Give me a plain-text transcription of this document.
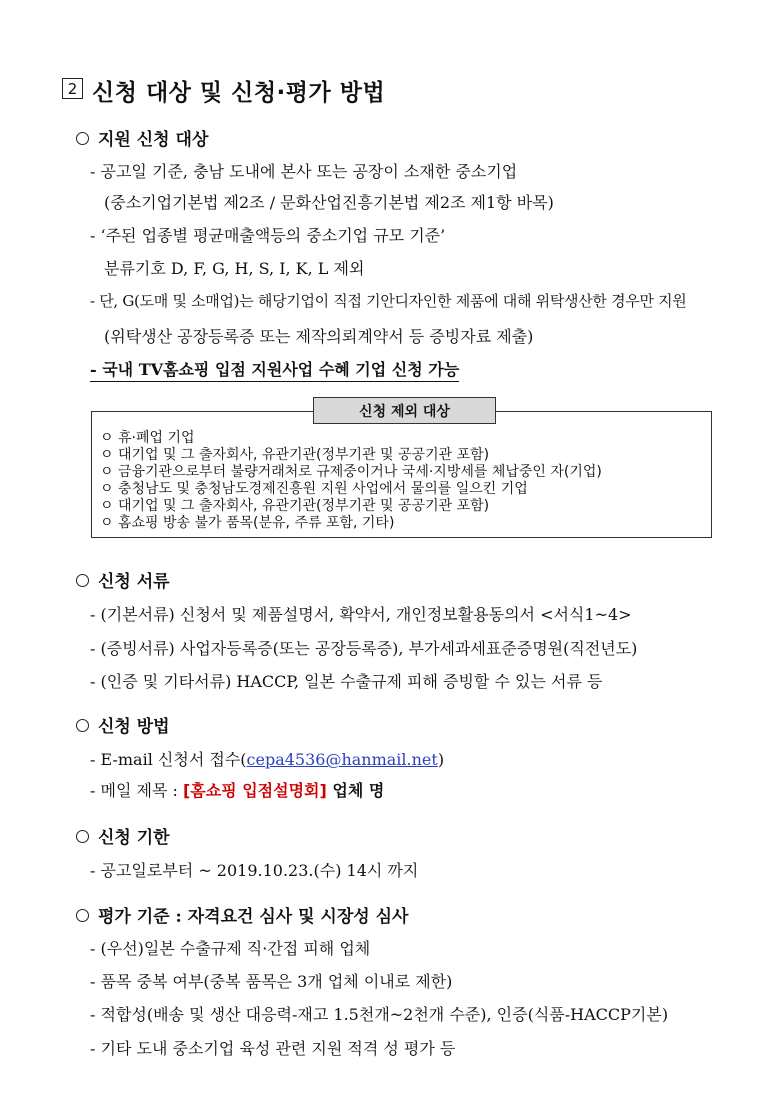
2 신청 대상 및 신청·평가 방법
지원 신청 대상
- 공고일 기준, 충남 도내에 본사 또는 공장이 소재한 중소기업
(중소기업기본법 제2조 / 문화산업진흥기본법 제2조 제1항 바목)
- ‘주된 업종별 평균매출액등의 중소기업 규모 기준’
분류기호 D, F, G, H, S, I, K, L 제외
- 단, G(도매 및 소매업)는 해당기업이 직접 기안디자인한 제품에 대해 위탁생산한 경우만 지원
(위탁생산 공장등록증 또는 제작의뢰계약서 등 증빙자료 제출)
- 국내 TV홈쇼핑 입점 지원사업 수혜 기업 신청 가능
신청 제외 대상
ㅇ 휴·폐업 기업
ㅇ 대기업 및 그 출자회사, 유관기관(정부기관 및 공공기관 포함)
ㅇ 금융기관으로부터 불량거래처로 규제중이거나 국세·지방세를 체납중인 자(기업)
ㅇ 충청남도 및 충청남도경제진흥원 지원 사업에서 물의를 일으킨 기업
ㅇ 대기업 및 그 출자회사, 유관기관(정부기관 및 공공기관 포함)
ㅇ 홈쇼핑 방송 불가 품목(분유, 주류 포함, 기타)
신청 서류
- (기본서류) 신청서 및 제품설명서, 확약서, 개인정보활용동의서 <서식1~4>
- (증빙서류) 사업자등록증(또는 공장등록증), 부가세과세표준증명원(직전년도)
- (인증 및 기타서류) HACCP, 일본 수출규제 피해 증빙할 수 있는 서류 등
신청 방법
- E-mail 신청서 접수(cepa4536@hanmail.net)
- 메일 제목 : [홈쇼핑 입점설명회] 업체 명
신청 기한
- 공고일로부터 ~ 2019.10.23.(수) 14시 까지
평가 기준 : 자격요건 심사 및 시장성 심사
- (우선)일본 수출규제 직·간접 피해 업체
- 품목 중복 여부(중복 품목은 3개 업체 이내로 제한)
- 적합성(배송 및 생산 대응력-재고 1.5천개~2천개 수준), 인증(식품-HACCP기본)
- 기타 도내 중소기업 육성 관련 지원 적격 성 평가 등
